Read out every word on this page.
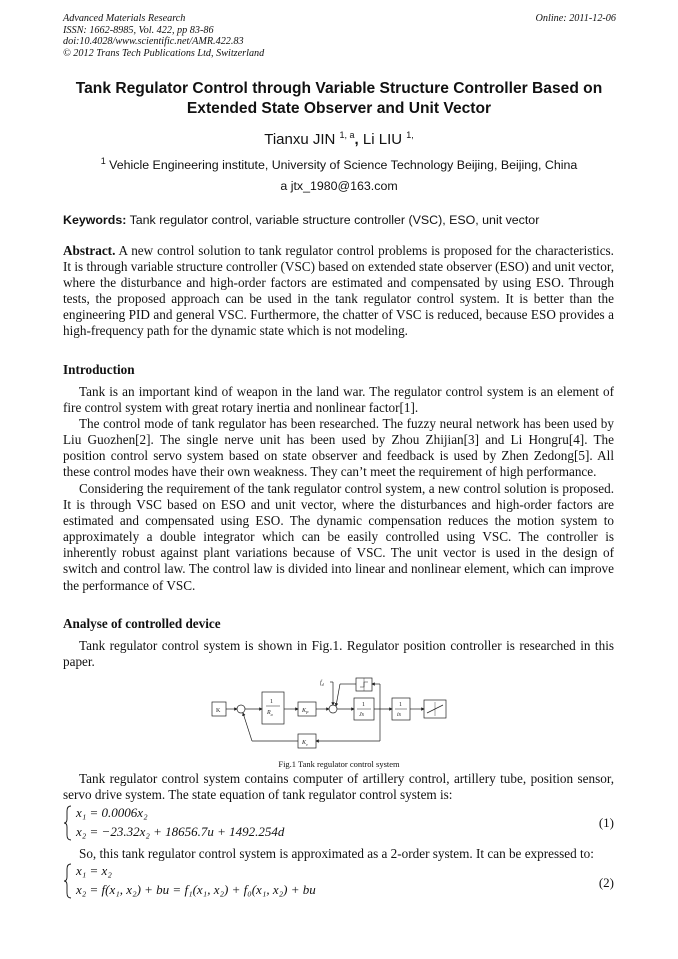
Advanced Materials Research
ISSN: 1662-8985, Vol. 422, pp 83-86
doi:10.4028/www.scientific.net/AMR.422.83
© 2012 Trans Tech Publications Ltd, Switzerland
Online: 2011-12-06
Tank Regulator Control through Variable Structure Controller Based on
Extended State Observer and Unit Vector
Tianxu JIN $^{1, a}$, Li LIU $^{1,}$
$^1$ Vehicle Engineering institute, University of Science Technology Beijing, Beijing, China
a jtx_1980@163.com
Keywords: Tank regulator control, variable structure controller (VSC), ESO, unit vector
Abstract. A new control solution to tank regulator control problems is proposed for the characteristics. It is through variable structure controller (VSC) based on extended state observer (ESO) and unit vector, where the disturbance and high-order factors are estimated and compensated by using ESO. Through tests, the proposed approach can be used in the tank regulator control system. It is better than the engineering PID and general VSC. Furthermore, the chatter of VSC is reduced, because ESO provides a high-frequency path for the dynamic state which is not modeling.
Introduction
Tank is an important kind of weapon in the land war. The regulator control system is an element of fire control system with great rotary inertia and nonlinear factor[1].
The control mode of tank regulator has been researched. The fuzzy neural network has been used by Liu Guozhen[2]. The single nerve unit has been used by Zhou Zhijian[3] and Li Hongru[4]. The position control servo system based on state observer and feedback is used by Zhen Zedong[5]. All these control modes have their own weakness. They can’t meet the requirement of high performance.
Considering the requirement of the tank regulator control system, a new control solution is proposed. It is through VSC based on ESO and unit vector, where the disturbances and high-order factors are estimated and compensated using ESO. The dynamic compensation reduces the motion system to approximately a double integrator which can be easily controlled using VSC. The controller is inherently robust against plant variations because of VSC. The unit vector is used in the design of switch and control law. The control law is divided into linear and nonlinear element, which can improve the performance of VSC.
Analyse of controlled device
Tank regulator control system is shown in Fig.1. Regulator position controller is researched in this paper.
K
1
$R_a$
$K_P$
$f_d$
1
Js
1
is
$K_v$
Fig.1 Tank regulator control system
Tank regulator control system contains computer of artillery control, artillery tube, position sensor, servo drive system. The state equation of tank regulator control system is:
x₁ = 0.0006x₂
x₂ = −23.32x₂ + 18656.7u + 1492.254d
(1)
So, this tank regulator control system is approximated as a 2-order system. It can be expressed to:
x₁ = x₂
x₂ = f(x₁, x₂) + bu = f₁(x₁, x₂) + f₀(x₁, x₂) + bu	(2)
